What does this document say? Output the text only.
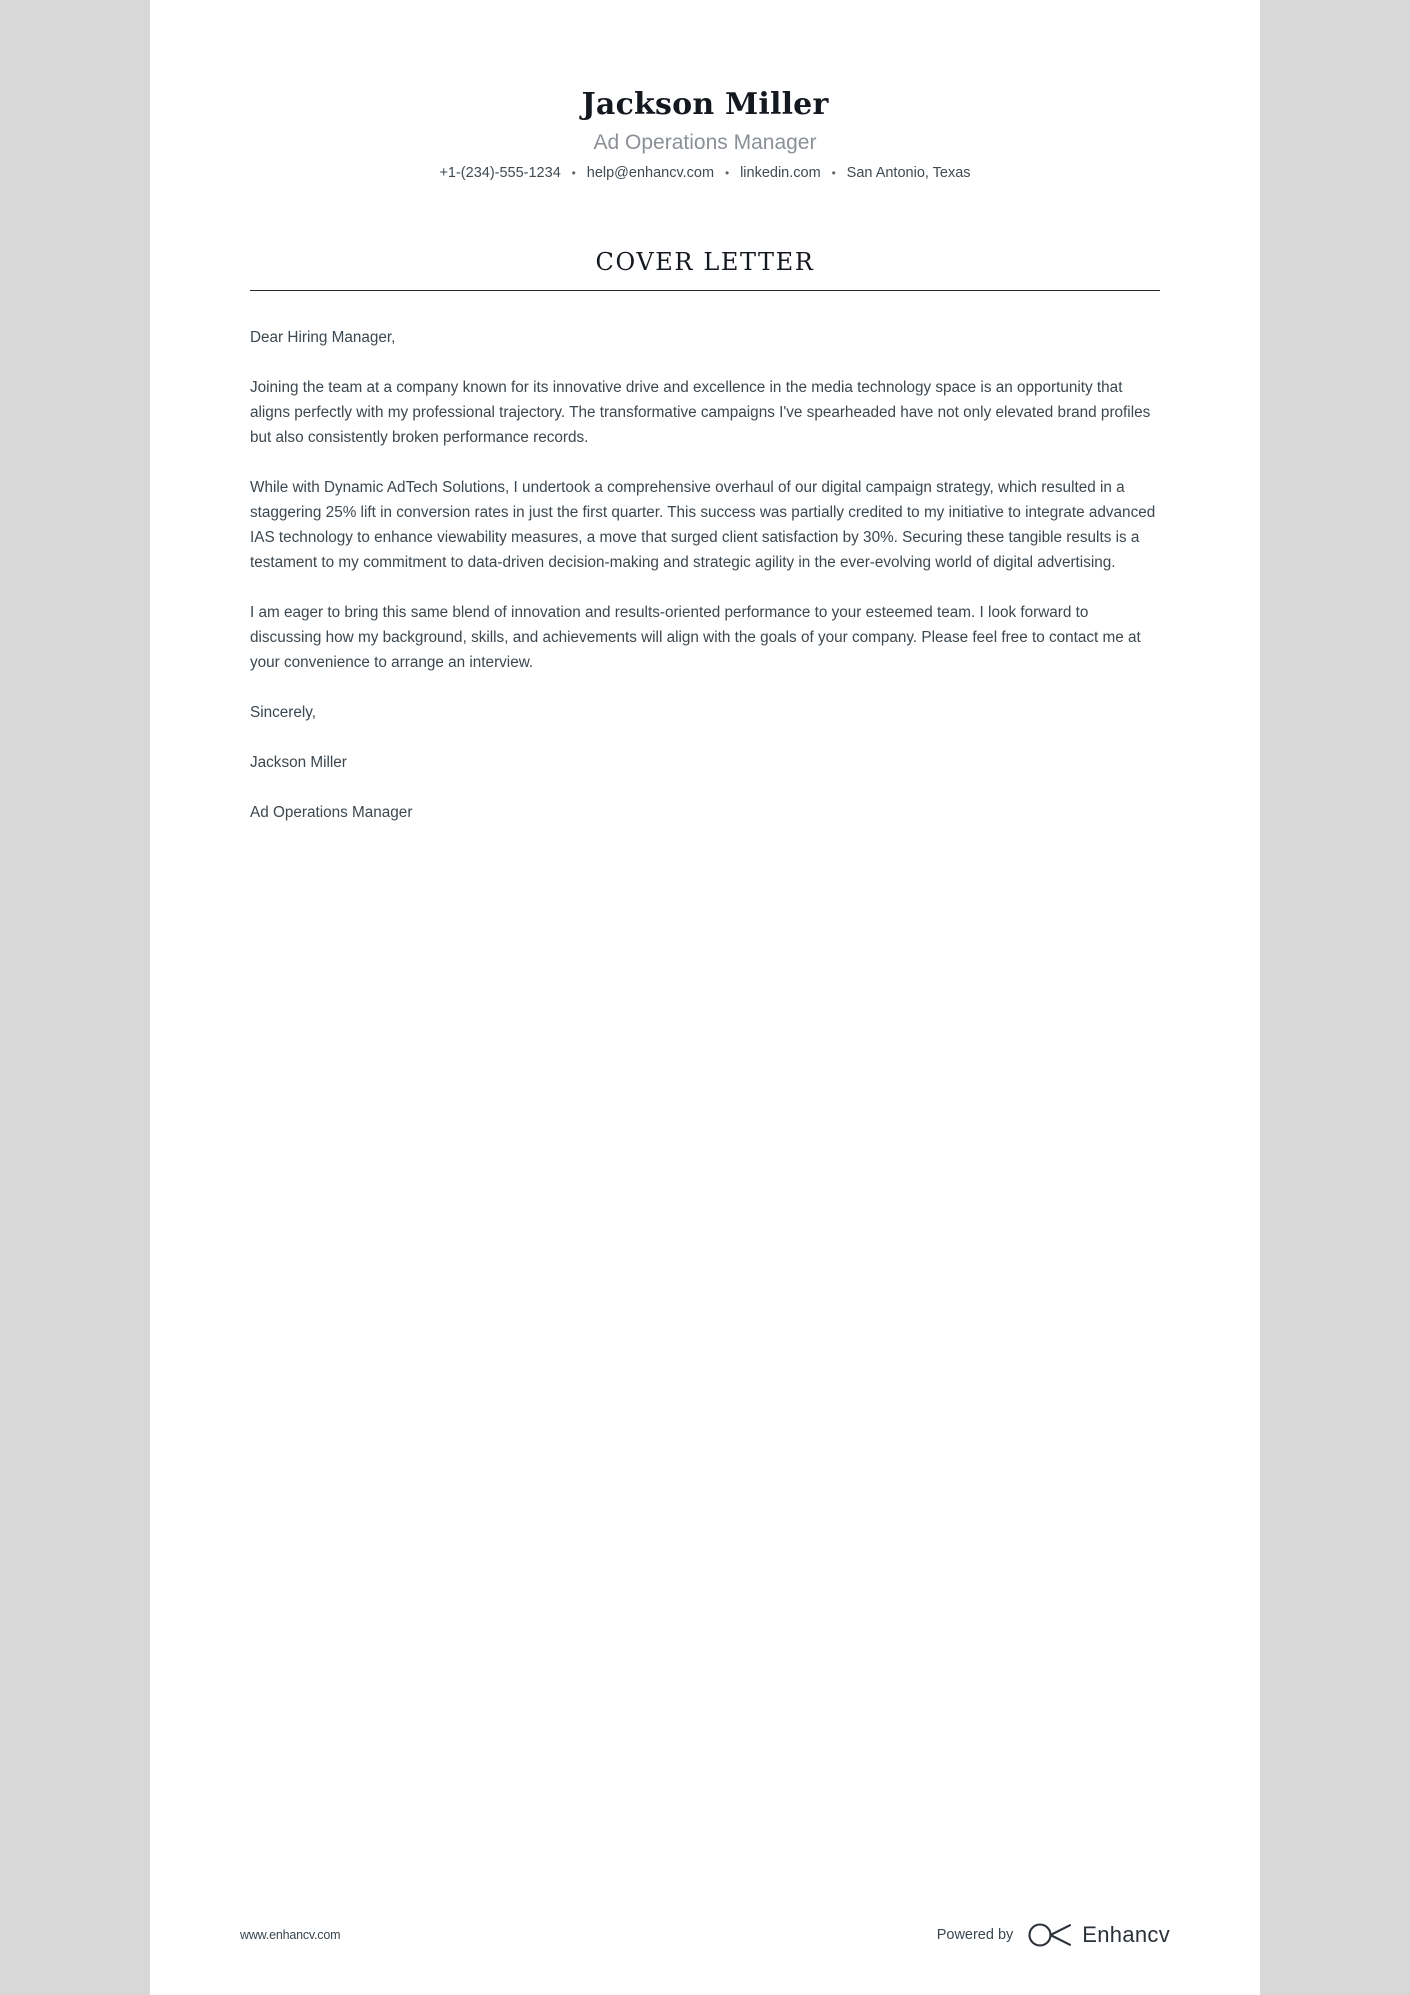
Jackson Miller
Ad Operations Manager
+1-(234)-555-1234 • help@enhancv.com • linkedin.com • San Antonio, Texas
COVER LETTER

Dear Hiring Manager,

Joining the team at a company known for its innovative drive and excellence in the media technology space is an opportunity that aligns perfectly with my professional trajectory. The transformative campaigns I've spearheaded have not only elevated brand profiles but also consistently broken performance records.

While with Dynamic AdTech Solutions, I undertook a comprehensive overhaul of our digital campaign strategy, which resulted in a staggering 25% lift in conversion rates in just the first quarter. This success was partially credited to my initiative to integrate advanced IAS technology to enhance viewability measures, a move that surged client satisfaction by 30%. Securing these tangible results is a testament to my commitment to data-driven decision-making and strategic agility in the ever-evolving world of digital advertising.

I am eager to bring this same blend of innovation and results-oriented performance to your esteemed team. I look forward to discussing how my background, skills, and achievements will align with the goals of your company. Please feel free to contact me at your convenience to arrange an interview.

Sincerely,

Jackson Miller

Ad Operations Manager

www.enhancv.com	Powered by	Enhancv
